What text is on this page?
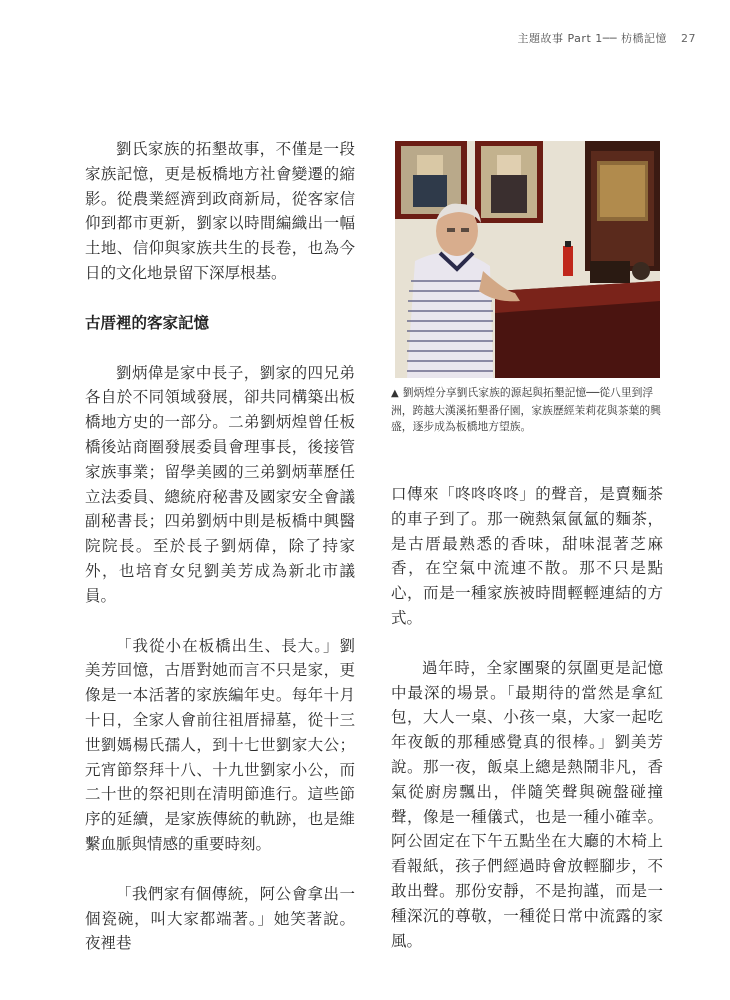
主題故事 Part 1── 枋橋記憶 27

劉氏家族的拓墾故事，不僅是一段家族記憶，更是板橋地方社會變遷的縮影。從農業經濟到政商新局，從客家信仰到都市更新，劉家以時間編織出一幅土地、信仰與家族共生的長卷，也為今日的文化地景留下深厚根基。

古厝裡的客家記憶

劉炳偉是家中長子，劉家的四兄弟各自於不同領域發展，卻共同構築出板橋地方史的一部分。二弟劉炳煌曾任板橋後站商圈發展委員會理事長，後接管家族事業；留學美國的三弟劉炳華歷任立法委員、總統府秘書及國家安全會議副秘書長；四弟劉炳中則是板橋中興醫院院長。至於長子劉炳偉，除了持家外，也培育女兒劉美芳成為新北市議員。

「我從小在板橋出生、長大。」劉美芳回憶，古厝對她而言不只是家，更像是一本活著的家族編年史。每年十月十日，全家人會前往祖厝掃墓，從十三世劉媽楊氏孺人，到十七世劉家大公；元宵節祭拜十八、十九世劉家小公，而二十世的祭祀則在清明節進行。這些節序的延續，是家族傳統的軌跡，也是維繫血脈與情感的重要時刻。

「我們家有個傳統，阿公會拿出一個瓷碗，叫大家都端著。」她笑著說。夜裡巷

▲ 劉炳煌分享劉氏家族的源起與拓墾記憶──從八里到浮洲，跨越大漢溪拓墾番仔園，家族歷經茉莉花與茶葉的興盛，逐步成為板橋地方望族。

口傳來「咚咚咚咚」的聲音，是賣麵茶的車子到了。那一碗熱氣氤氳的麵茶，是古厝最熟悉的香味，甜味混著芝麻香，在空氣中流連不散。那不只是點心，而是一種家族被時間輕輕連結的方式。

過年時，全家團聚的氛圍更是記憶中最深的場景。「最期待的當然是拿紅包，大人一桌、小孩一桌，大家一起吃年夜飯的那種感覺真的很棒。」劉美芳說。那一夜，飯桌上總是熱鬧非凡，香氣從廚房飄出，伴隨笑聲與碗盤碰撞聲，像是一種儀式，也是一種小確幸。阿公固定在下午五點坐在大廳的木椅上看報紙，孩子們經過時會放輕腳步，不敢出聲。那份安靜，不是拘謹，而是一種深沉的尊敬，一種從日常中流露的家風。
